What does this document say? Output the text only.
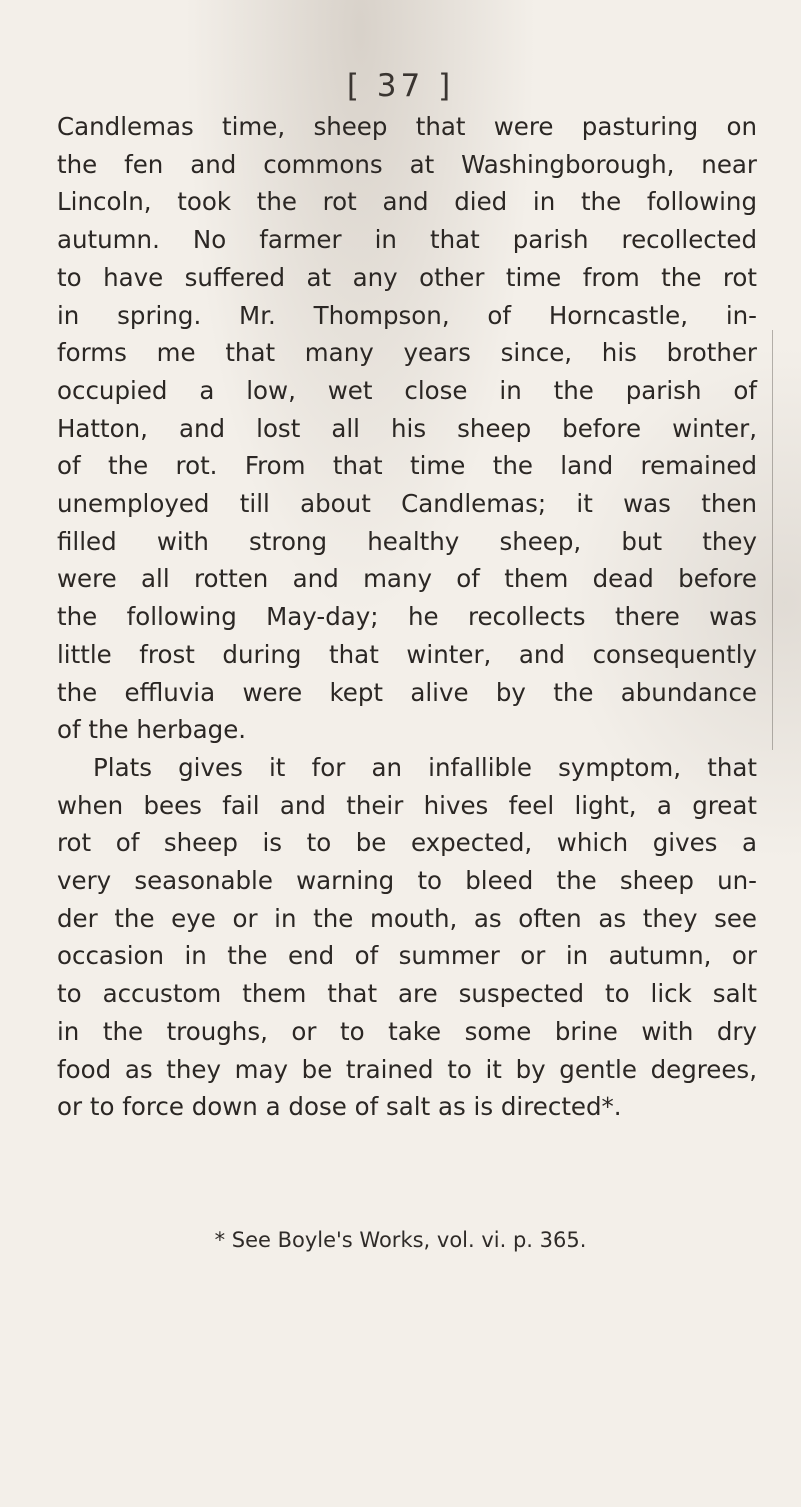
[ 37 ]
Candlemas time, sheep that were pasturing on
the fen and commons at Washingborough, near
Lincoln, took the rot and died in the following
autumn. No farmer in that parish recollected
to have suffered at any other time from the rot
in spring. Mr. Thompson, of Horncastle, in-
forms me that many years since, his brother
occupied a low, wet close in the parish of
Hatton, and lost all his sheep before winter,
of the rot. From that time the land remained
unemployed till about Candlemas; it was then
filled with strong healthy sheep, but they
were all rotten and many of them dead before
the following May-day; he recollects there was
little frost during that winter, and consequently
the effluvia were kept alive by the abundance
of the herbage.
Plats gives it for an infallible symptom, that
when bees fail and their hives feel light, a great
rot of sheep is to be expected, which gives a
very seasonable warning to bleed the sheep un-
der the eye or in the mouth, as often as they see
occasion in the end of summer or in autumn, or
to accustom them that are suspected to lick salt
in the troughs, or to take some brine with dry
food as they may be trained to it by gentle degrees,
or to force down a dose of salt as is directed*.
* See Boyle's Works, vol. vi. p. 365.
